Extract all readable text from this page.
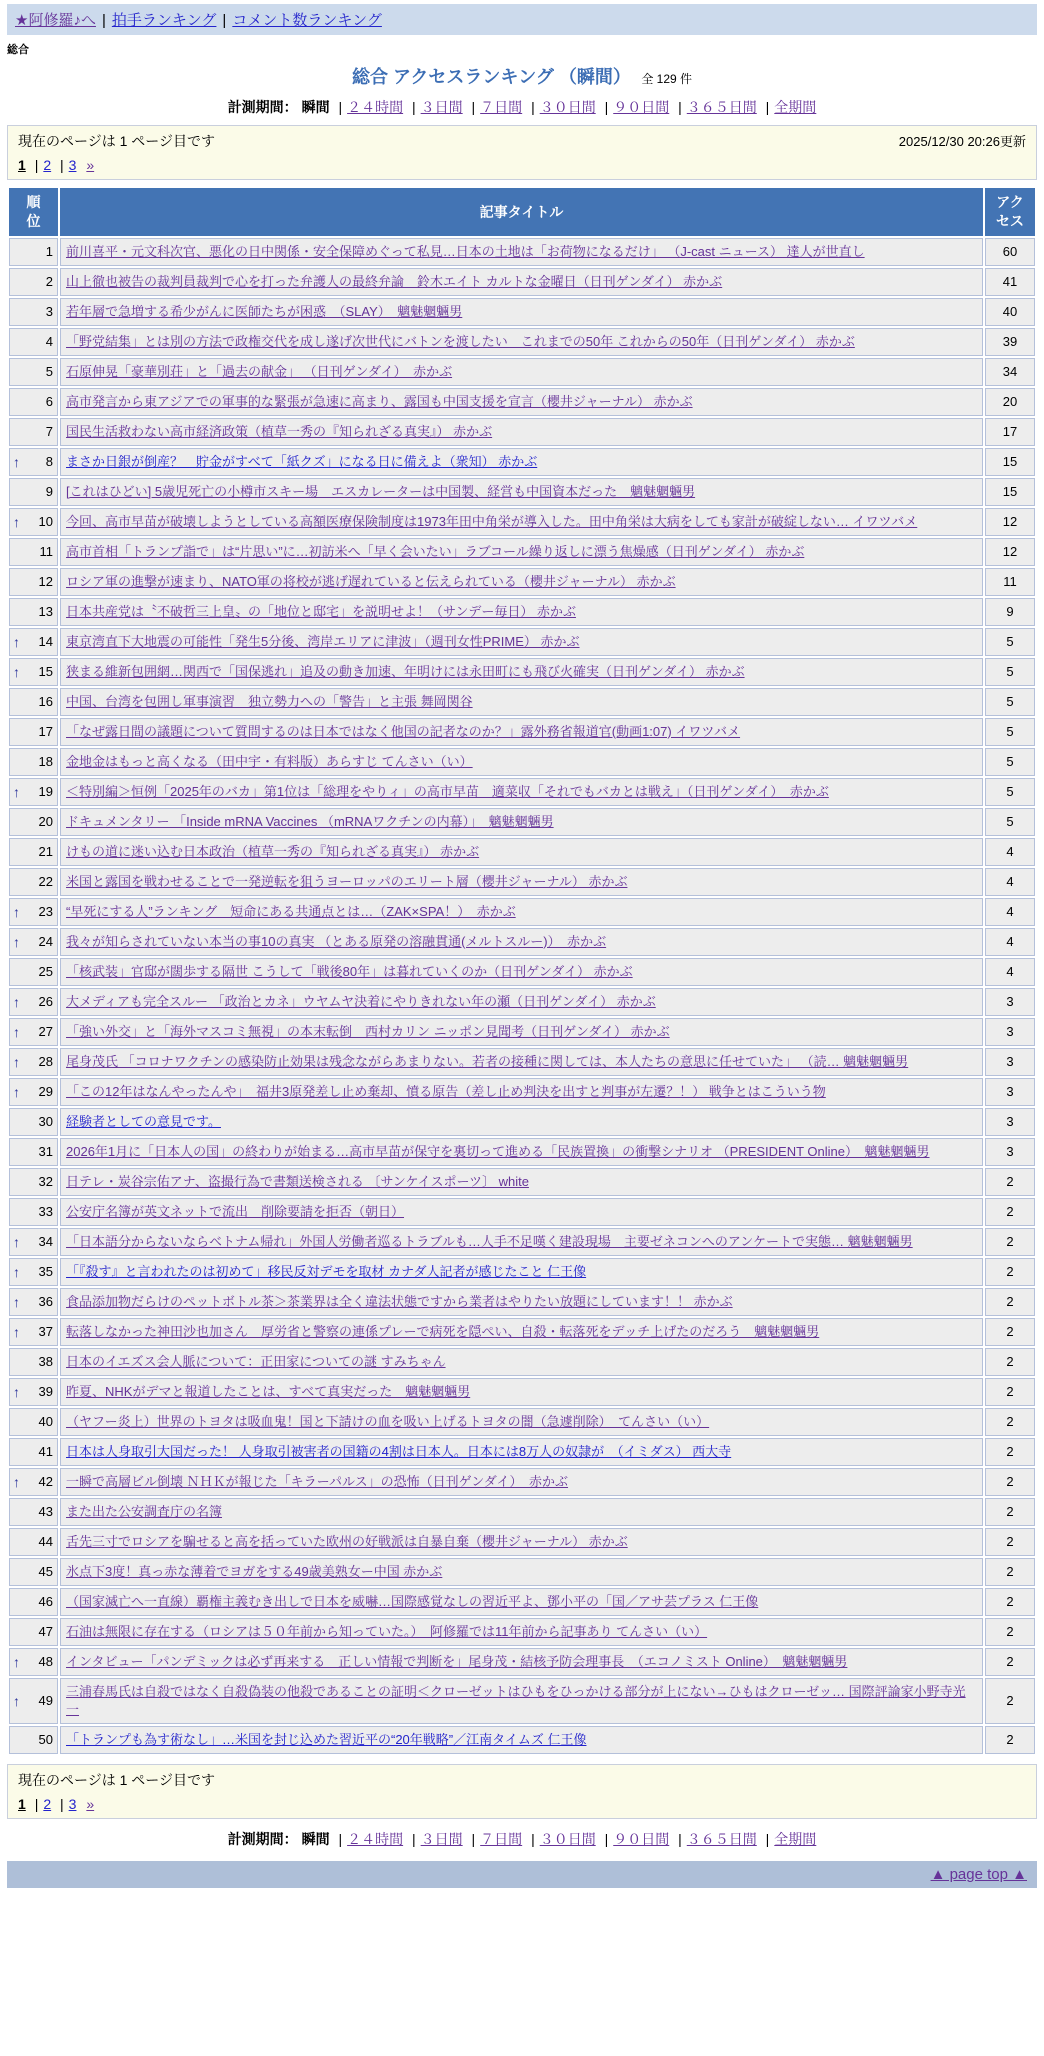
★阿修羅♪へ | 拍手ランキング | コメント数ランキング
総合
総合 アクセスランキング （瞬間） 全 129 件
計測期間： 瞬間 | ２４時間 | ３日間 | ７日間 | ３０日間 | ９０日間 | ３６５日間 | 全期間
現在のページは 1 ページ目です	2025/12/30 20:26更新
1 | 2 | 3 »
順位	記事タイトル	アクセス

1	前川喜平・元文科次官、悪化の日中関係・安全保障めぐって私見…日本の土地は「お荷物になるだけ」 （J-cast ニュース） 達人が世直し	60

2	山上徹也被告の裁判員裁判で心を打った弁護人の最終弁論　鈴木エイト カルトな金曜日（日刊ゲンダイ） 赤かぶ	41

3	若年層で急増する希少がんに医師たちが困惑　（SLAY）　魑魅魍魎男	40

4	「野党結集」とは別の方法で政権交代を成し遂げ次世代にバトンを渡したい　これまでの50年 これからの50年（日刊ゲンダイ） 赤かぶ	39

5	石原伸晃「豪華別荘」と「過去の献金」 （日刊ゲンダイ）　赤かぶ	34

6	高市発言から東アジアでの軍事的な緊張が急速に高まり、露国も中国支援を宣言（櫻井ジャーナル） 赤かぶ	20

7	国民生活救わない高市経済政策（植草一秀の『知られざる真実』） 赤かぶ	17

↑ 8	まさか日銀が倒産？　貯金がすべて「紙クズ」になる日に備えよ（衆知） 赤かぶ	15

9	[これはひどい] 5歳児死亡の小樽市スキー場　エスカレーターは中国製、経営も中国資本だった　魑魅魍魎男	15

↑ 10	今回、高市早苗が破壊しようとしている高額医療保険制度は1973年田中角栄が導入した。田中角栄は大病をしても家計が破綻しない… イワツバメ	12

11	高市首相「トランプ詣で」は“片思い”に…初訪米へ「早く会いたい」ラブコール繰り返しに漂う焦燥感（日刊ゲンダイ） 赤かぶ	12

12	ロシア軍の進撃が速まり、NATO軍の将校が逃げ遅れていると伝えられている（櫻井ジャーナル） 赤かぶ	11

13	日本共産党は〝不破哲三上皇〟の「地位と邸宅」を説明せよ！（サンデー毎日） 赤かぶ	9

↑ 14	東京湾直下大地震の可能性「発生5分後、湾岸エリアに津波」（週刊女性PRIME） 赤かぶ	5

↑ 15	狭まる維新包囲網…関西で「国保逃れ」追及の動き加速、年明けには永田町にも飛び火確実（日刊ゲンダイ） 赤かぶ	5

16	中国、台湾を包囲し軍事演習　独立勢力への「警告」と主張 舞岡関谷	5

17	「なぜ露日間の議題について質問するのは日本ではなく他国の記者なのか？」露外務省報道官(動画1:07) イワツバメ	5

18	金地金はもっと高くなる（田中宇・有料版）あらすじ てんさい（い）	5

↑ 19	＜特別編＞恒例「2025年のバカ」第1位は「総理をやりィ」の高市早苗　適菜収「それでもバカとは戦え」（日刊ゲンダイ）　赤かぶ	5

20	ドキュメンタリー 「Inside mRNA Vaccines （mRNAワクチンの内幕）」　魑魅魍魎男	5

21	けもの道に迷い込む日本政治（植草一秀の『知られざる真実』） 赤かぶ	4

22	米国と露国を戦わせることで一発逆転を狙うヨーロッパのエリート層（櫻井ジャーナル） 赤かぶ	4

↑ 23	“早死にする人”ランキング　短命にある共通点とは…（ZAK×SPA！）　赤かぶ	4

↑ 24	我々が知らされていない本当の事10の真実 （とある原発の溶融貫通(メルトスルー)）　赤かぶ	4

25	「核武装」官邸が闊歩する隔世 こうして「戦後80年」は暮れていくのか（日刊ゲンダイ） 赤かぶ	4

↑ 26	大メディアも完全スルー 「政治とカネ」ウヤムヤ決着にやりきれない年の瀬（日刊ゲンダイ） 赤かぶ	3

↑ 27	「強い外交」と「海外マスコミ無視」の本末転倒　西村カリン ニッポン見聞考（日刊ゲンダイ） 赤かぶ	3

↑ 28	尾身茂氏 「コロナワクチンの感染防止効果は残念ながらあまりない。若者の接種に関しては、本人たちの意思に任せていた」 （読… 魑魅魍魎男	3

↑ 29	「この12年はなんやったんや」　福井3原発差し止め棄却、憤る原告（差し止め判決を出すと判事が左遷？！） 戦争とはこういう物	3

30	経験者としての意見です。	3

31	2026年1月に「日本人の国」の終わりが始まる…高市早苗が保守を裏切って進める「民族置換」の衝撃シナリオ （PRESIDENT Online）　魑魅魍魎男	3

32	日テレ・炭谷宗佑アナ、盗撮行為で書類送検される 〔サンケイスポーツ〕 white	2

33	公安庁名簿が英文ネットで流出　削除要請を拒否（朝日）	2

↑ 34	「日本語分からないならベトナム帰れ」外国人労働者巡るトラブルも…人手不足嘆く建設現場　主要ゼネコンへのアンケートで実態… 魑魅魍魎男	2

↑ 35	「『殺す』と言われたのは初めて」移民反対デモを取材 カナダ人記者が感じたこと 仁王像	2

↑ 36	食品添加物だらけのペットボトル茶＞茶業界は全く違法状態ですから業者はやりたい放題にしています！！ 赤かぶ	2

↑ 37	転落しなかった神田沙也加さん　厚労省と警察の連係プレーで病死を隠ぺい、自殺・転落死をデッチ上げたのだろう　魑魅魍魎男	2

38	日本のイエズス会人脈について：正田家についての謎 すみちゃん	2

↑ 39	昨夏、NHKがデマと報道したことは、すべて真実だった　魑魅魍魎男	2

40	（ヤフー炎上）世界のトヨタは吸血鬼！国と下請けの血を吸い上げるトヨタの闇（急遽削除）　てんさい（い）	2

41	日本は人身取引大国だった！ 人身取引被害者の国籍の4割は日本人。日本には8万人の奴隷が　（イミダス） 西大寺	2

↑ 42	一瞬で高層ビル倒壊 ＮＨＫが報じた「キラーパルス」の恐怖（日刊ゲンダイ）　赤かぶ	2

43	また出た公安調査庁の名簿	2

44	舌先三寸でロシアを騙せると高を括っていた欧州の好戦派は自暴自棄（櫻井ジャーナル） 赤かぶ	2

45	氷点下3度！真っ赤な薄着でヨガをする49歳美熟女ー中国 赤かぶ	2

46	（国家滅亡へ一直線）覇権主義むき出しで日本を威嚇…国際感覚なしの習近平よ、鄧小平の「国／アサ芸プラス 仁王像	2

47	石油は無限に存在する（ロシアは５０年前から知っていた。）　阿修羅では11年前から記事あり てんさい（い）	2

↑ 48	インタビュー「パンデミックは必ず再来する　正しい情報で判断を」尾身茂・結核予防会理事長　（エコノミスト Online）　魑魅魍魎男	2

↑ 49	三浦春馬氏は自殺ではなく自殺偽装の他殺であることの証明＜クローゼットはひもをひっかける部分が上にない→ひもはクローゼッ… 国際評論家小野寺光一	2

50	「トランプも為す術なし」…米国を封じ込めた習近平の“20年戦略”／江南タイムズ 仁王像	2
現在のページは 1 ページ目です
1 | 2 | 3 »
計測期間： 瞬間 | ２４時間 | ３日間 | ７日間 | ３０日間 | ９０日間 | ３６５日間 | 全期間
▲ page top ▲
